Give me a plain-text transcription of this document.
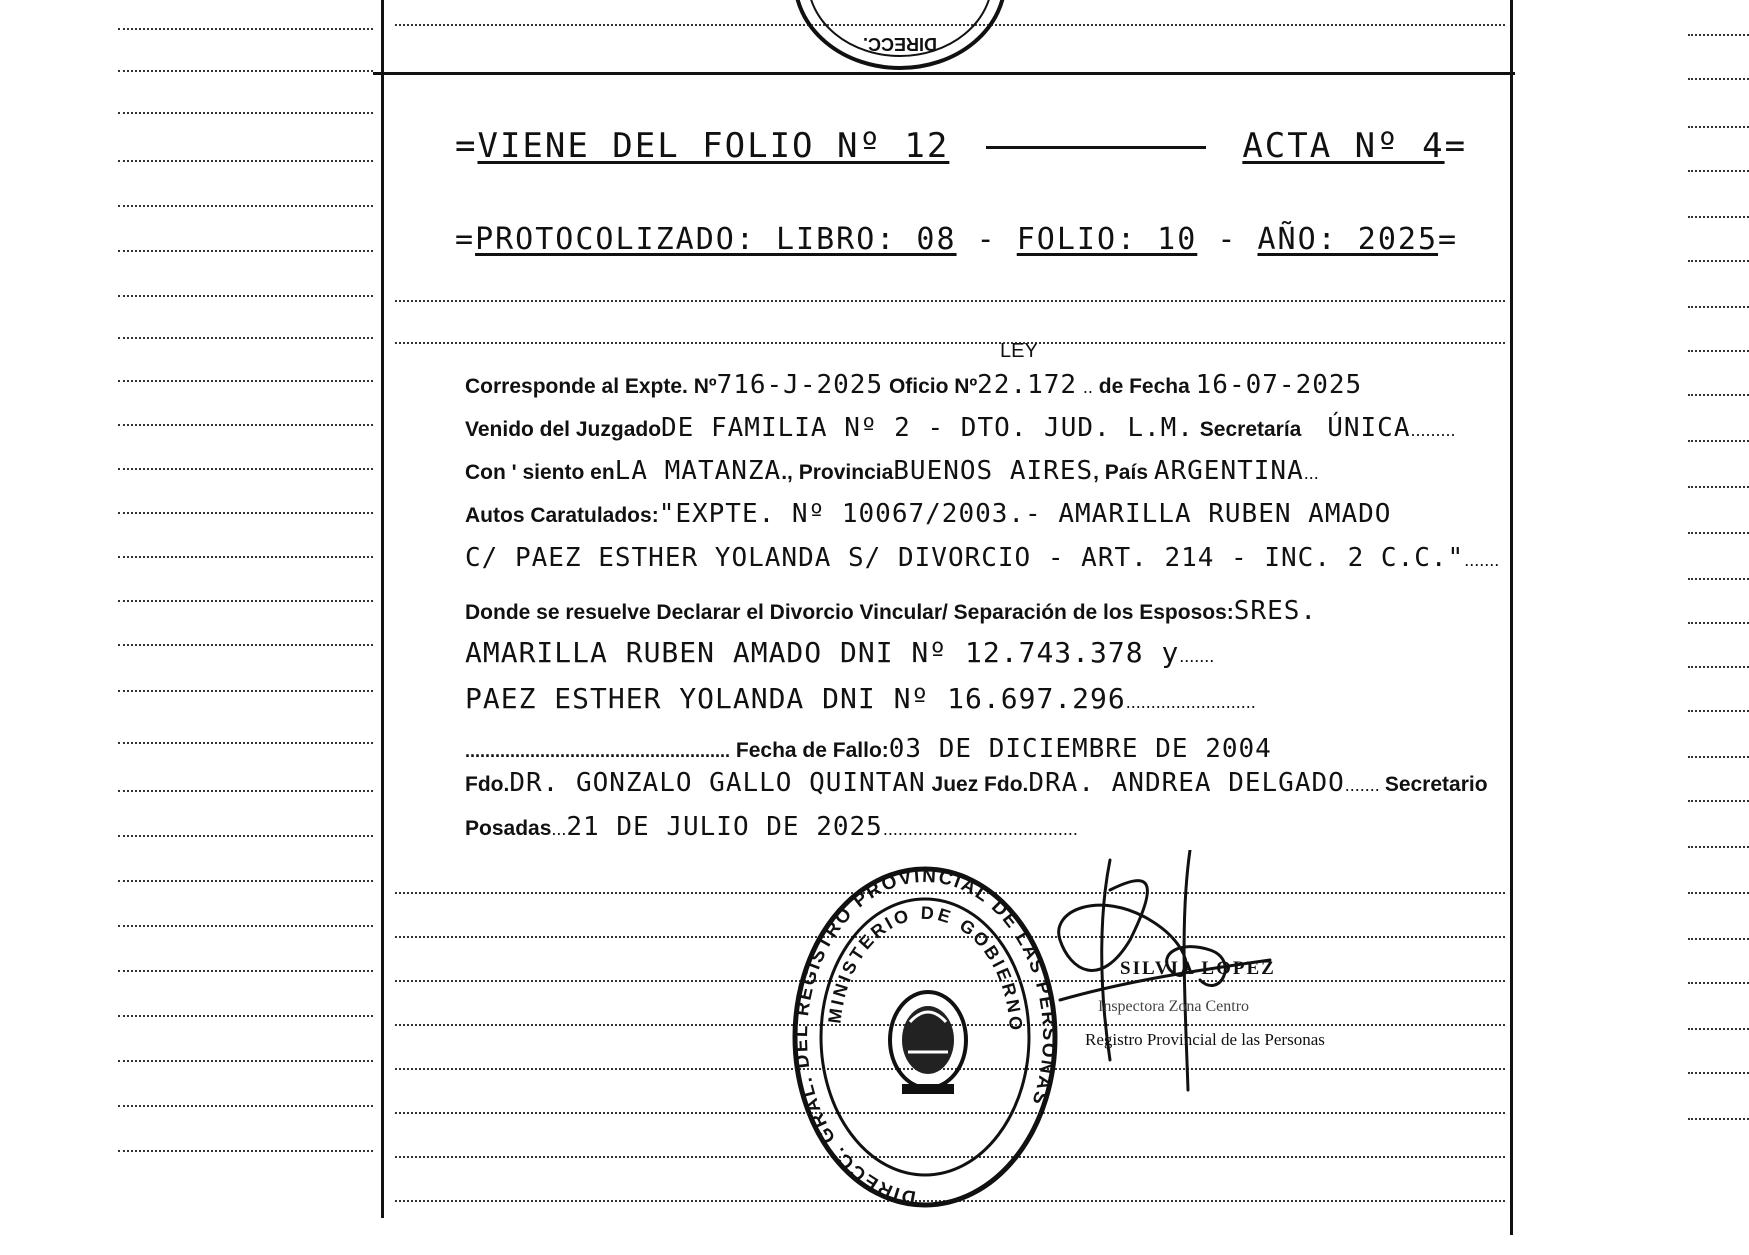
DIRECC.
=VIENE DEL FOLIO Nº 12	ACTA Nº 4=
=PROTOCOLIZADO: LIBRO: 08 - FOLIO: 10 - AÑO: 2025=
LEY
Corresponde al Expte. Nº716-J-2025 Oficio Nº22.172 .. de Fecha 16-07-2025
Venido del JuzgadoDE FAMILIA Nº 2 - DTO. JUD. L.M. Secretaría ÚNICA.........
Con ' siento enLA MATANZA., ProvinciaBUENOS AIRES, País ARGENTINA...
Autos Caratulados:"EXPTE. Nº 10067/2003.- AMARILLA RUBEN AMADO
C/ PAEZ ESTHER YOLANDA S/ DIVORCIO - ART. 214 - INC. 2 C.C.".......
Donde se resuelve Declarar el Divorcio Vincular/ Separación de los Esposos:SRES.
AMARILLA RUBEN AMADO DNI Nº 12.743.378 y.......
PAEZ ESTHER YOLANDA DNI Nº 16.697.296..........................
..................................................... Fecha de Fallo:03 DE DICIEMBRE DE 2004
Fdo.DR. GONZALO GALLO QUINTAN Juez Fdo.DRA. ANDREA DELGADO....... Secretario
Posadas...21 DE JULIO DE 2025.......................................
DIRECC. GRAL. DEL REGISTRO PROVINCIAL DE LAS PERSONAS
MINISTERIO DE GOBIERNO
SILVIA LOPEZ
Inspectora Zona Centro
Registro Provincial de las Personas
